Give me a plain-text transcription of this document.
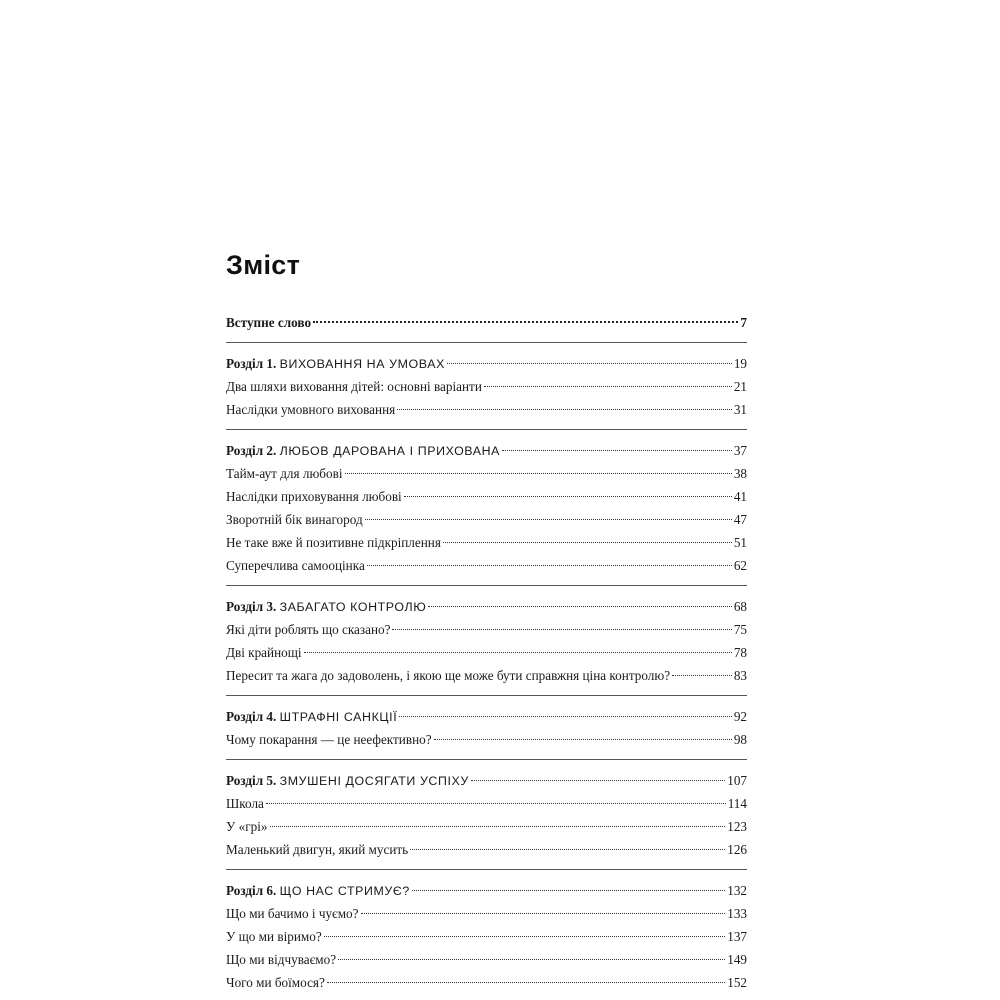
Зміст
Вступне слово	7
Розділ 1. ВИХОВАННЯ НА УМОВАХ	19
Два шляхи виховання дітей: основні варіанти	21
Наслідки умовного виховання	31
Розділ 2. ЛЮБОВ ДАРОВАНА І ПРИХОВАНА	37
Тайм-аут для любові	38
Наслідки приховування любові	41
Зворотній бік винагород	47
Не таке вже й позитивне підкріплення	51
Суперечлива самооцінка	62
Розділ 3. ЗАБАГАТО КОНТРОЛЮ	68
Які діти роблять що сказано?	75
Дві крайнощі	78
Пересит та жага до задоволень, і якою ще може бути справжня ціна контролю?	83
Розділ 4. ШТРАФНІ САНКЦІЇ	92
Чому покарання — це неефективно?	98
Розділ 5. ЗМУШЕНІ ДОСЯГАТИ УСПІХУ	107
Школа	114
У «грі»	123
Маленький двигун, який мусить	126
Розділ 6. ЩО НАС СТРИМУЄ?	132
Що ми бачимо і чуємо?	133
У що ми віримо?	137
Що ми відчуваємо?	149
Чого ми боїмося?	152
